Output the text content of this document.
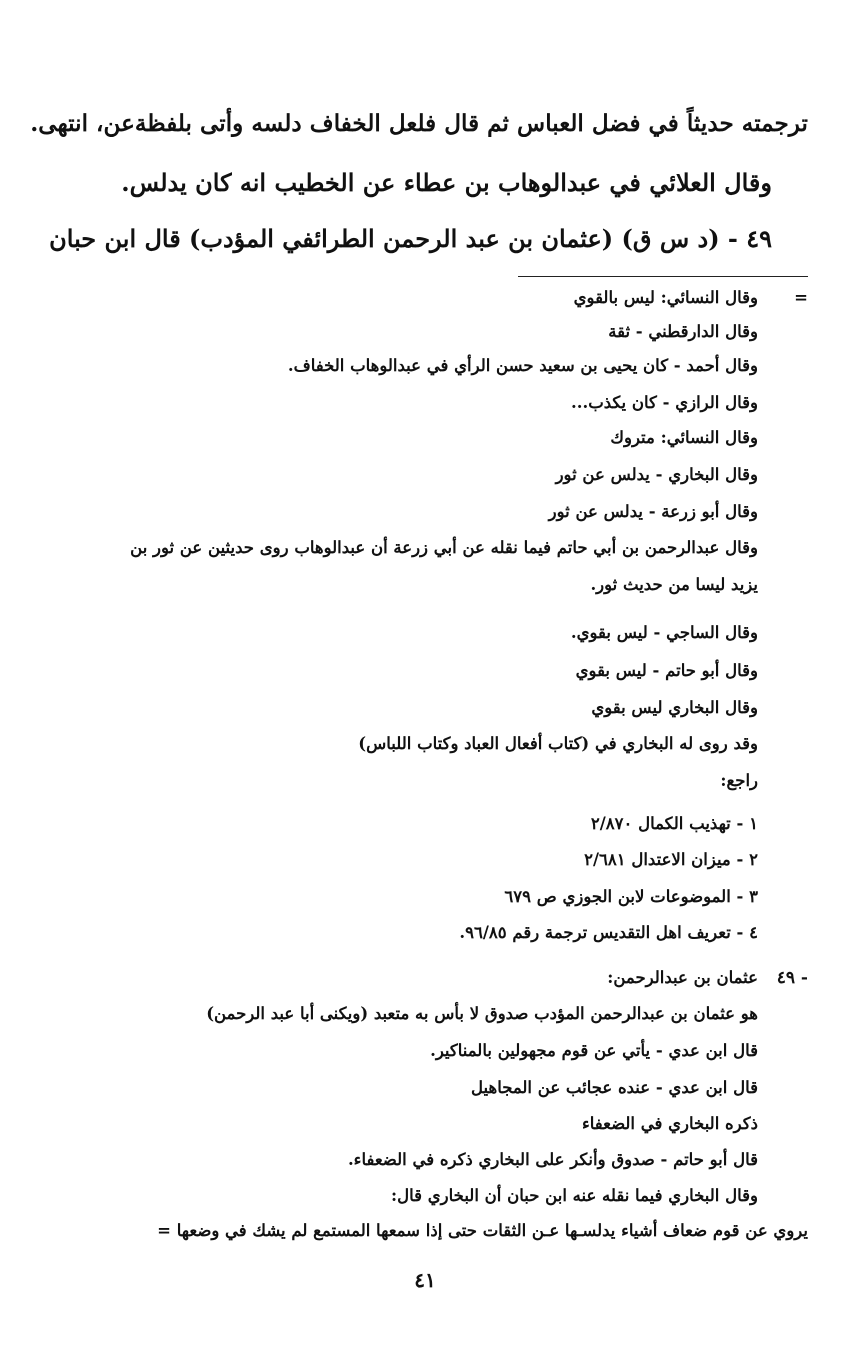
ترجمته حديثاً في فضل العباس ثم قال فلعل الخفاف دلسه وأتى بلفظةعن، انتهى.
وقال العلائي في عبدالوهاب بن عطاء عن الخطيب انه كان يدلس.
٤٩ - (د س ق) (عثمان بن عبد الرحمن الطرائفي المؤدب) قال ابن حبان
=
وقال النسائي: ليس بالقوي
وقال الدارقطني - ثقة
وقال أحمد - كان يحيى بن سعيد حسن الرأي في عبدالوهاب الخفاف.
وقال الرازي - كان يكذب...
وقال النسائي: متروك
وقال البخاري - يدلس عن ثور
وقال أبو زرعة - يدلس عن ثور
وقال عبدالرحمن بن أبي حاتم فيما نقله عن أبي زرعة أن عبدالوهاب روى حديثين عن ثور بن
يزيد ليسا من حديث ثور.
وقال الساجي - ليس بقوي.
وقال أبو حاتم - ليس بقوي
وقال البخاري ليس بقوي
وقد روى له البخاري في (كتاب أفعال العباد وكتاب اللباس)
راجع:
١ - تهذيب الكمال ٢/٨٧٠
٢ - ميزان الاعتدال ٢/٦٨١
٣ - الموضوعات لابن الجوزي ص ٦٧٩
٤ - تعريف اهل التقديس ترجمة رقم ٩٦/٨٥.
٤٩ -
عثمان بن عبدالرحمن:
هو عثمان بن عبدالرحمن المؤدب صدوق لا بأس به متعبد (ويكنى أبا عبد الرحمن)
قال ابن عدي - يأتي عن قوم مجهولين بالمناكير.
قال ابن عدي - عنده عجائب عن المجاهيل
ذكره البخاري في الضعفاء
قال أبو حاتم - صدوق وأنكر على البخاري ذكره في الضعفاء.
وقال البخاري فيما نقله عنه ابن حبان أن البخاري قال:
يروي عن قوم ضعاف أشياء يدلسـها عـن الثقات حتى إذا سمعها المستمع لم يشك في وضعها =
٤١
